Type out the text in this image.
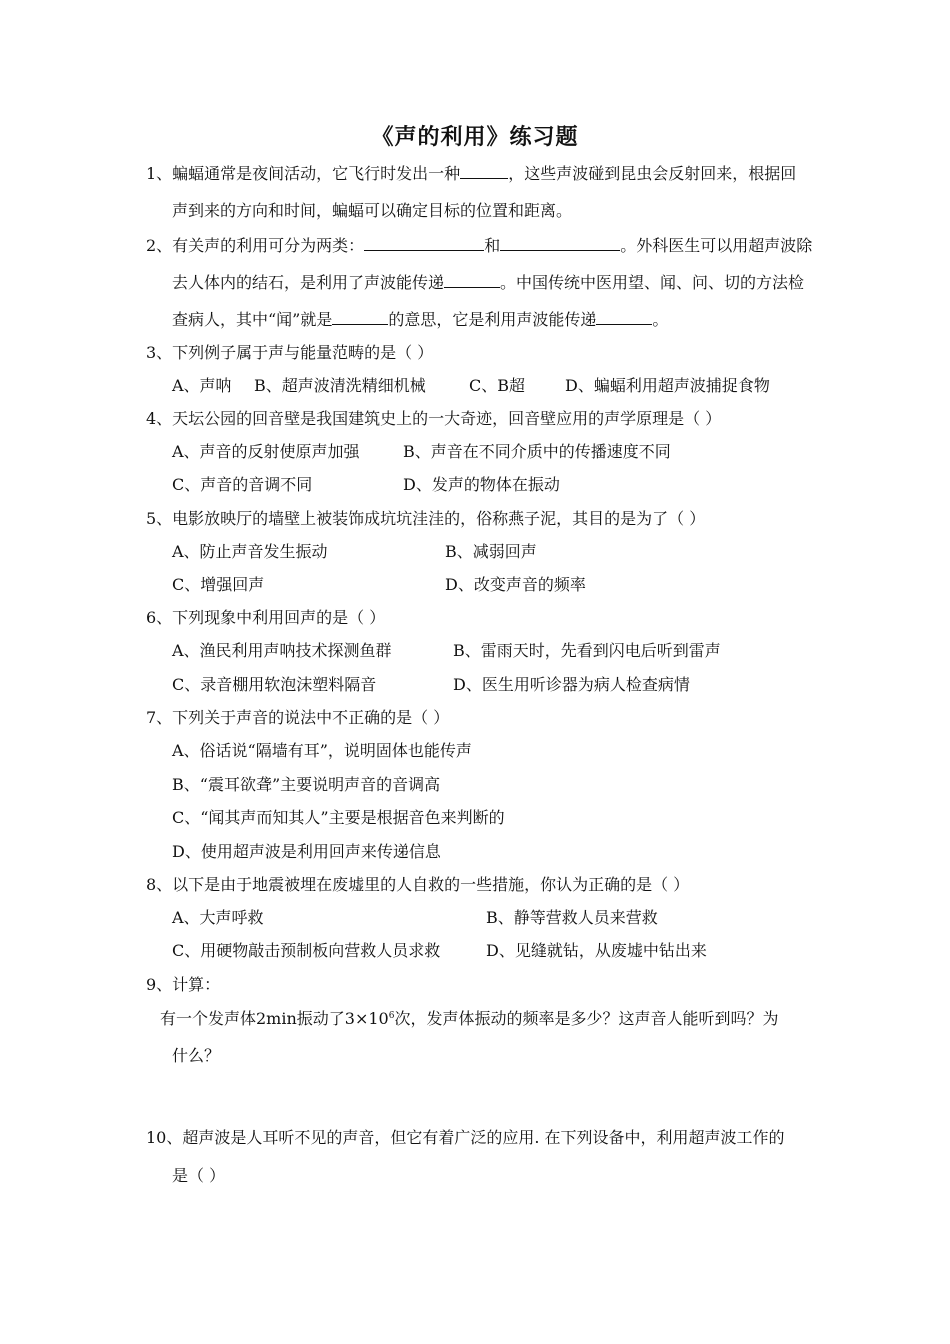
《声的利用》练习题
1、蝙蝠通常是夜间活动，它飞行时发出一种	，这些声波碰到昆虫会反射回来，根据回
声到来的方向和时间，蝙蝠可以确定目标的位置和距离。
2、有关声的利用可分为两类：	和	。外科医生可以用超声波除
去人体内的结石，是利用了声波能传递	。中国传统中医用望、闻、问、切的方法检
查病人，其中“闻”就是	的意思，它是利用声波能传递	。
3、下列例子属于声与能量范畴的是（ ）
A、声呐 B、超声波清洗精细机械	C、B超 D、蝙蝠利用超声波捕捉食物
4、天坛公园的回音壁是我国建筑史上的一大奇迹，回音壁应用的声学原理是（ ）
A、声音的反射使原声加强	B、声音在不同介质中的传播速度不同
C、声音的音调不同	D、发声的物体在振动
5、电影放映厅的墙壁上被装饰成坑坑洼洼的，俗称燕子泥，其目的是为了（ ）
A、防止声音发生振动	B、减弱回声
C、增强回声	D、改变声音的频率
6、下列现象中利用回声的是（ ）
A、渔民利用声呐技术探测鱼群	B、雷雨天时，先看到闪电后听到雷声
C、录音棚用软泡沫塑料隔音	D、医生用听诊器为病人检查病情
7、下列关于声音的说法中不正确的是（ ）
A、俗话说“隔墙有耳”，说明固体也能传声
B、“震耳欲聋”主要说明声音的音调高
C、“闻其声而知其人”主要是根据音色来判断的
D、使用超声波是利用回声来传递信息
8、以下是由于地震被埋在废墟里的人自救的一些措施，你认为正确的是（ ）
A、大声呼救	B、静等营救人员来营救
C、用硬物敲击预制板向营救人员求救	D、见缝就钻，从废墟中钻出来
9、计算：
有一个发声体2min振动了$3\times 10^6$次，发声体振动的频率是多少？这声音人能听到吗？为
什么？
10、超声波是人耳听不见的声音，但它有着广泛的应用. 在下列设备中，利用超声波工作的
是（ ）
